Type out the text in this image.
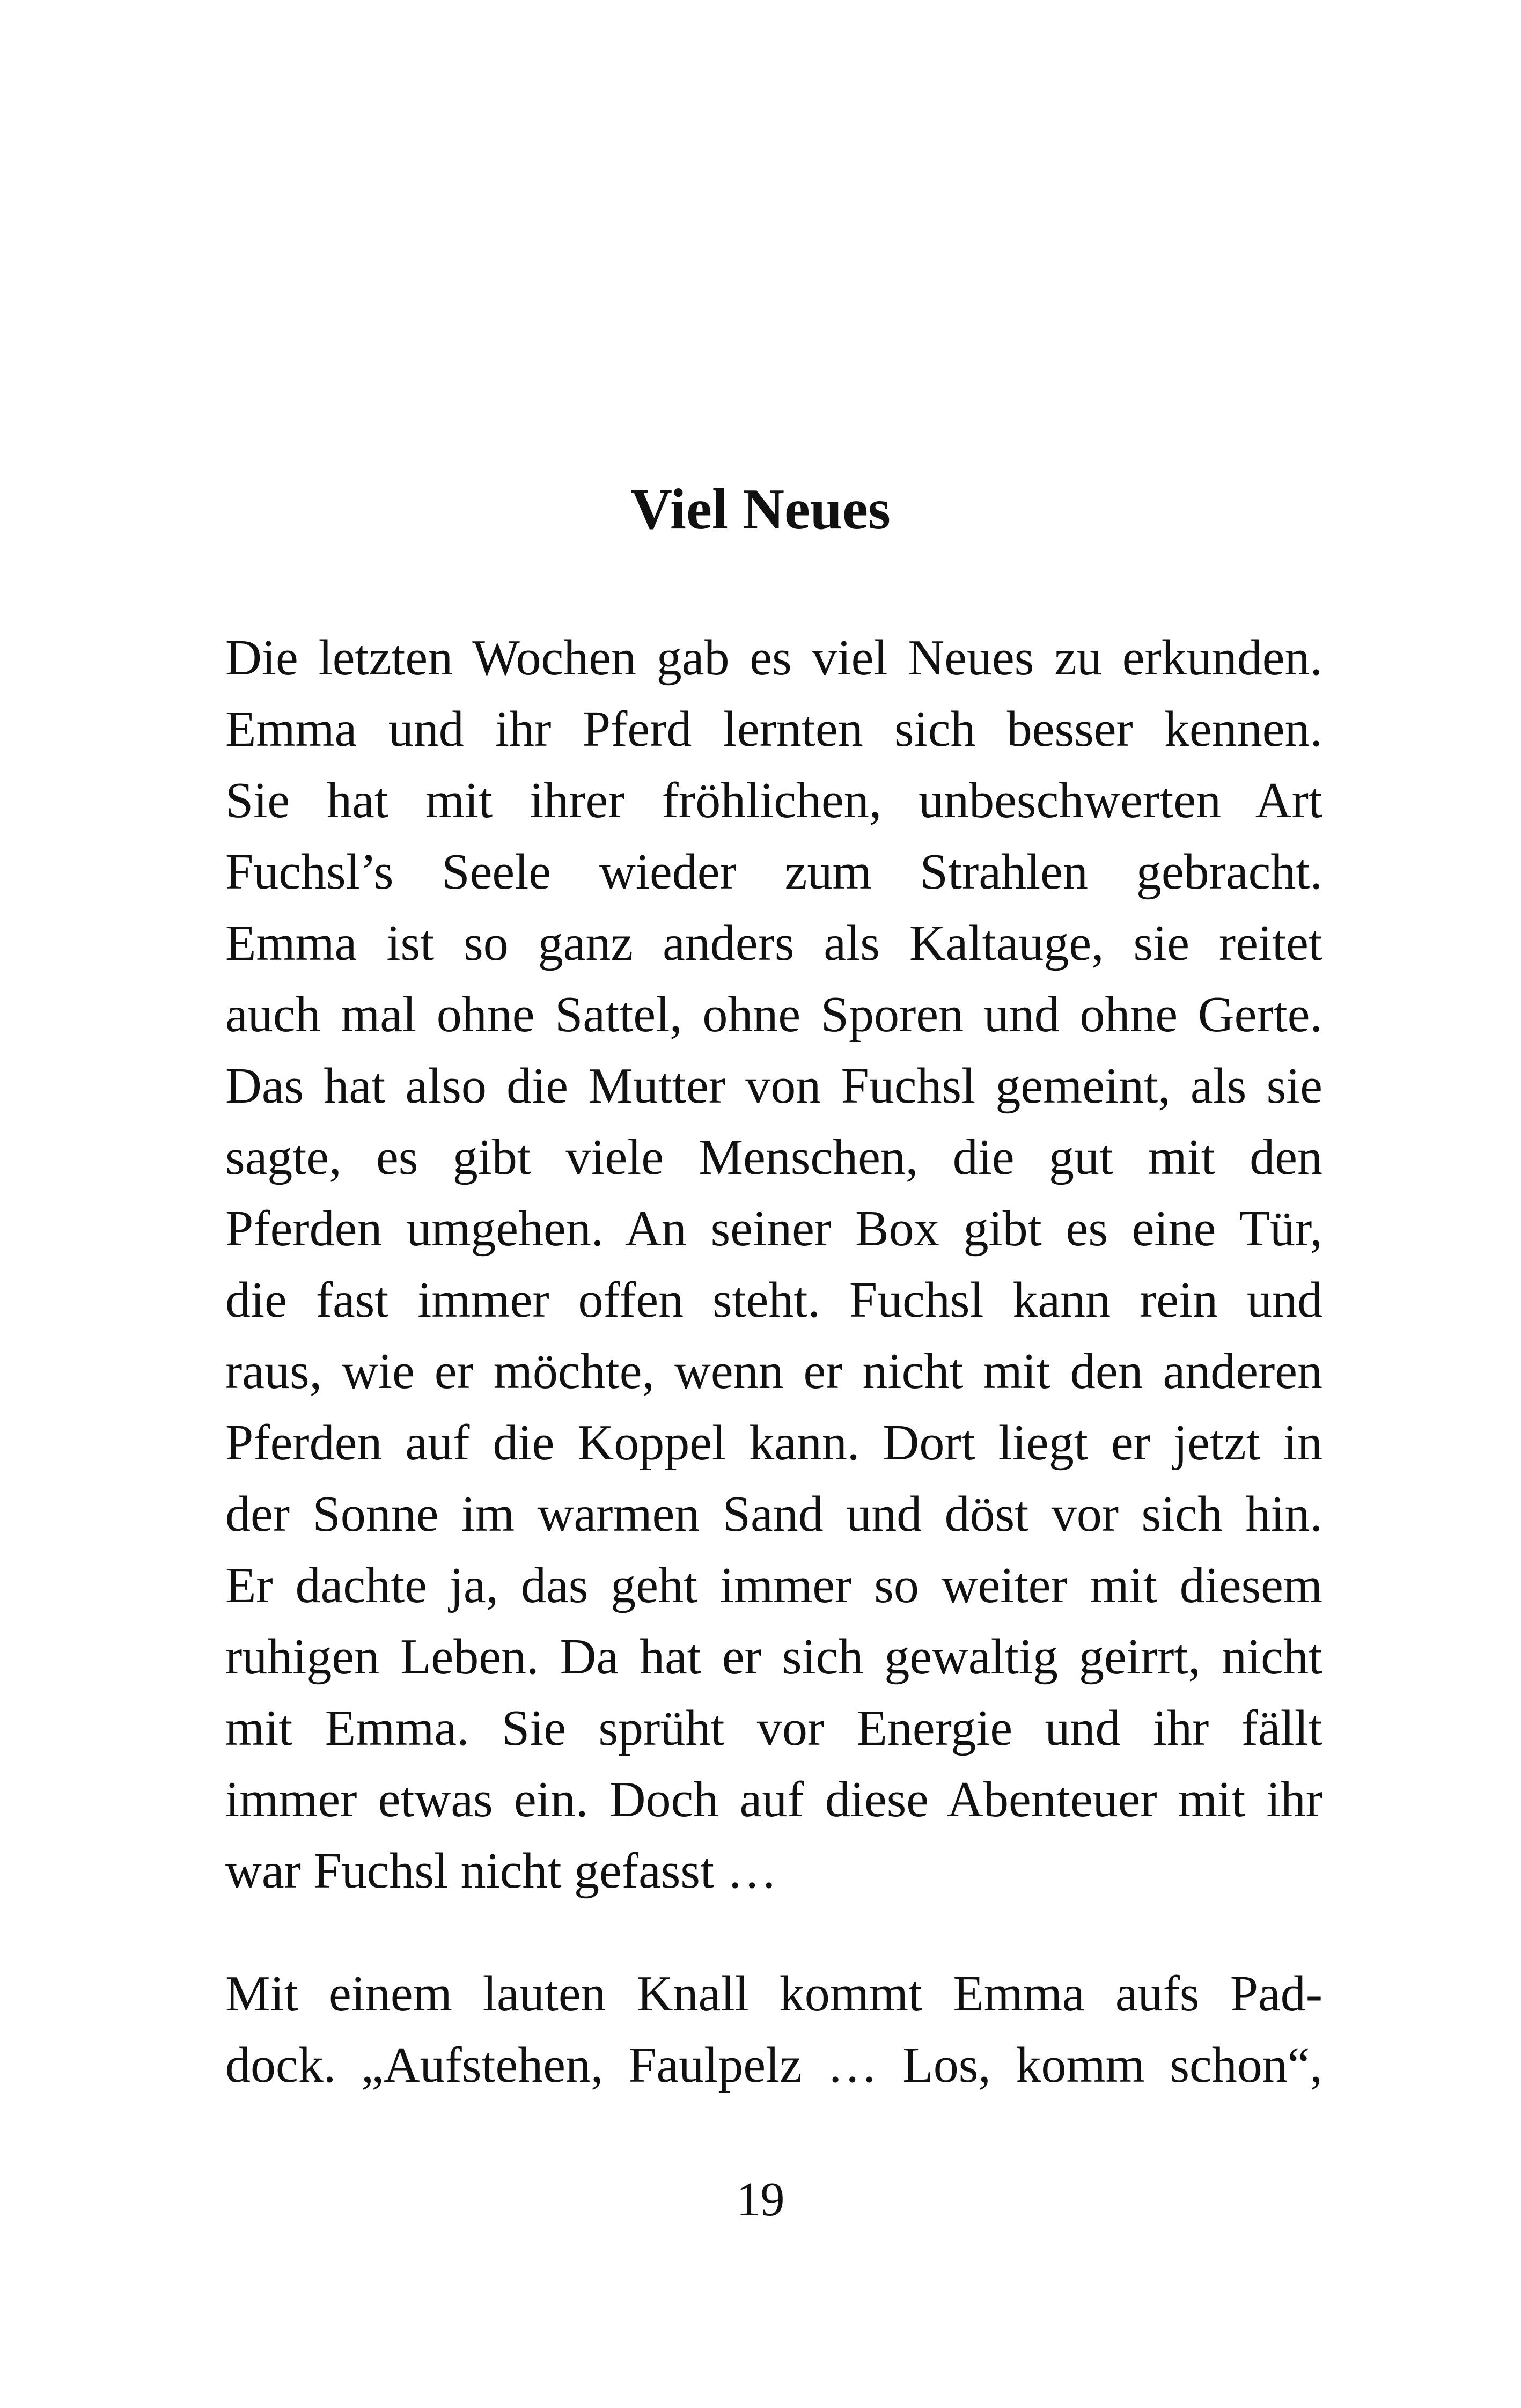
Viel Neues
Die letzten Wochen gab es viel Neues zu erkunden.
Emma und ihr Pferd lernten sich besser kennen.
Sie hat mit ihrer fröhlichen, unbeschwerten Art
Fuchsl’s Seele wieder zum Strahlen gebracht.
Emma ist so ganz anders als Kaltauge, sie reitet
auch mal ohne Sattel, ohne Sporen und ohne Gerte.
Das hat also die Mutter von Fuchsl gemeint, als sie
sagte, es gibt viele Menschen, die gut mit den
Pferden umgehen. An seiner Box gibt es eine Tür,
die fast immer offen steht. Fuchsl kann rein und
raus, wie er möchte, wenn er nicht mit den anderen
Pferden auf die Koppel kann. Dort liegt er jetzt in
der Sonne im warmen Sand und döst vor sich hin.
Er dachte ja, das geht immer so weiter mit diesem
ruhigen Leben. Da hat er sich gewaltig geirrt, nicht
mit Emma. Sie sprüht vor Energie und ihr fällt
immer etwas ein. Doch auf diese Abenteuer mit ihr
war Fuchsl nicht gefasst …
Mit einem lauten Knall kommt Emma aufs Pad-
dock. „Aufstehen, Faulpelz … Los, komm schon“,
19
